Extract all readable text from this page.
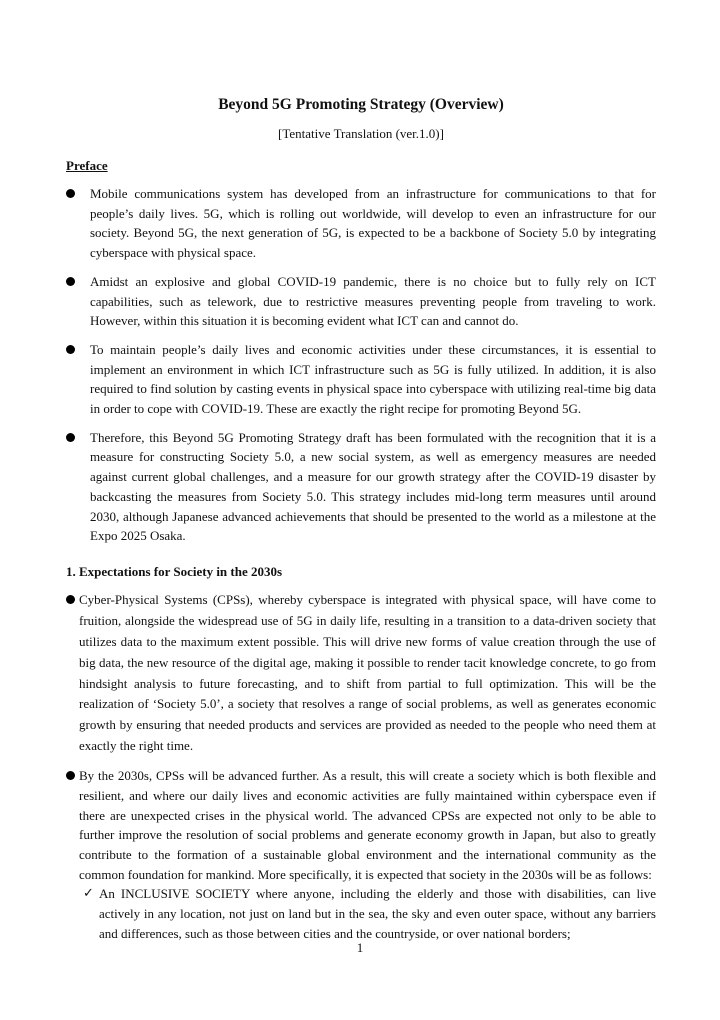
Beyond 5G Promoting Strategy (Overview)

[Tentative Translation (ver.1.0)]

Preface

Mobile communications system has developed from an infrastructure for communications to that for people’s daily lives. 5G, which is rolling out worldwide, will develop to even an infrastructure for our society. Beyond 5G, the next generation of 5G, is expected to be a backbone of Society 5.0 by integrating cyberspace with physical space.
Amidst an explosive and global COVID-19 pandemic, there is no choice but to fully rely on ICT capabilities, such as telework, due to restrictive measures preventing people from traveling to work. However, within this situation it is becoming evident what ICT can and cannot do.
To maintain people’s daily lives and economic activities under these circumstances, it is essential to implement an environment in which ICT infrastructure such as 5G is fully utilized. In addition, it is also required to find solution by casting events in physical space into cyberspace with utilizing real-time big data in order to cope with COVID-19. These are exactly the right recipe for promoting Beyond 5G.
Therefore, this Beyond 5G Promoting Strategy draft has been formulated with the recognition that it is a measure for constructing Society 5.0, a new social system, as well as emergency measures are needed against current global challenges, and a measure for our growth strategy after the COVID-19 disaster by backcasting the measures from Society 5.0. This strategy includes mid-long term measures until around 2030, although Japanese advanced achievements that should be presented to the world as a milestone at the Expo 2025 Osaka.

1. Expectations for Society in the 2030s

Cyber-Physical Systems (CPSs), whereby cyberspace is integrated with physical space, will have come to fruition, alongside the widespread use of 5G in daily life, resulting in a transition to a data-driven society that utilizes data to the maximum extent possible. This will drive new forms of value creation through the use of big data, the new resource of the digital age, making it possible to render tacit knowledge concrete, to go from hindsight analysis to future forecasting, and to shift from partial to full optimization. This will be the realization of ‘Society 5.0’, a society that resolves a range of social problems, as well as generates economic growth by ensuring that needed products and services are provided as needed to the people who need them at exactly the right time.
By the 2030s, CPSs will be advanced further. As a result, this will create a society which is both flexible and resilient, and where our daily lives and economic activities are fully maintained within cyberspace even if there are unexpected crises in the physical world. The advanced CPSs are expected not only to be able to further improve the resolution of social problems and generate economy growth in Japan, but also to greatly contribute to the formation of a sustainable global environment and the international community as the common foundation for mankind. More specifically, it is expected that society in the 2030s will be as follows:
✓ An INCLUSIVE SOCIETY where anyone, including the elderly and those with disabilities, can live actively in any location, not just on land but in the sea, the sky and even outer space, without any barriers and differences, such as those between cities and the countryside, or over national borders;
1
